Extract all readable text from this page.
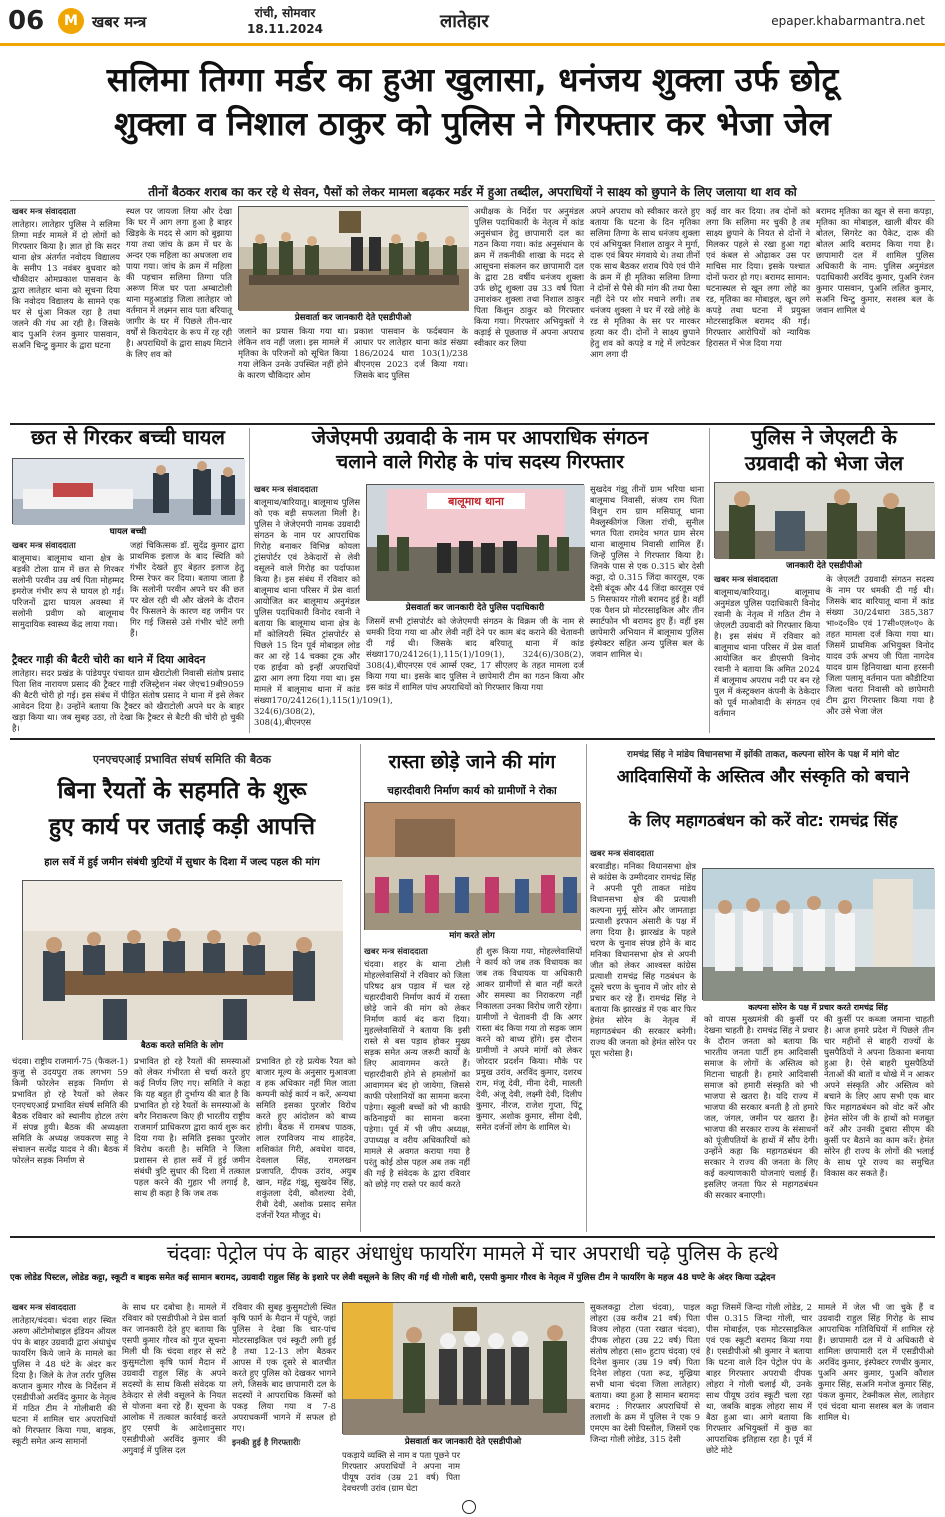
06	M खबर मन्त्र	रांची, सोमवार
18.11.2024	लातेहार	epaper.khabarmantra.net
सलिमा तिग्गा मर्डर का हुआ खुलासा, धनंजय शुक्ला उर्फ छोटू
शुक्ला व निशाल ठाकुर को पुलिस ने गिरफ्तार कर भेजा जेल
तीनों बैठकर शराब का कर रहे थे सेवन, पैसों को लेकर मामला बढ़कर मर्डर में हुआ तब्दील, अपराधियों ने साक्ष्य को छुपाने के लिए जलाया था शव को
खबर मन्त्र संवाददाता
लातेहार। लातेहार पुलिस ने सलिमा तिग्गा मर्डर मामले में दो लोगों को गिरफ्तार किया है। ज्ञात हो कि सदर थाना क्षेत्र अंतर्गत नवोदय विद्यालय के समीप 13 नवंबर बुधवार को चौकीदार ओमप्रकाश पासवान के द्वारा लातेहार थाना को सूचना दिया कि नवोदय विद्यालय के सामने एक घर से धुंआ निकल रहा है तथा जलने की गंध आ रही है। जिसके बाद पुअनि रंजन कुमार पासवान, सअनि चिन्टु कुमार के द्वारा घटना
स्थल पर जायजा लिया और देखा कि घर में आग लगा हुआ है बाहर खिड़के के मदद से आग को बुझाया गया तथा जांच के क्रम में घर के अन्दर एक महिला का अधजला शव पाया गया। जांच के क्रम में महिला की पहचान सलिमा तिग्गा पति अरूण मिंज घर पता अम्बाटोली थाना महुआडांड़ जिला लातेहार जो वर्तमान में लक्ष्मन साव पता बरियातू जागीर के घर में पिछले तीन-चार वर्षों से किरायेदार के रूप में रह रही है। अपराधियों के द्वारा साक्ष्य मिटाने के लिए शव को
प्रेसवार्ता कर जानकारी देते एसडीपीओ
जलाने का प्रयास किया गया था। लेकिन शव नहीं जला। इस मामले में मृतिका के परिजनों को सूचित किया गया लेकिन उनके उपस्थित नहीं होने के कारण चौकिदार ओम
प्रकाश पासवान के फर्दबयान के आधार पर लातेहार थाना कांड संख्या 186/2024 धारा 103(1)/238 बीएनएस 2023 दर्ज किया गया। जिसके बाद पुलिस
अधीक्षक के निर्देश पर अनुमंडल पुलिस पदाधिकारी के नेतृत्व में कांड अनुसंधान हेतु छापामारी दल का गठन किया गया। कांड अनुसंधान के क्रम में तकनीकी शाखा के मदद से आसूचना संकलन कर छापामारी दल के द्वारा 28 वर्षीय धनंजय शुक्ला उर्फ छोटू शुक्ला उम्र 33 वर्ष पिता उमाशंकर शुक्ला तथा निशाल ठाकुर पिता किशुन ठाकुर को गिरफ्तार किया गया। गिरफ्तार अभियुक्तों ने कड़ाई से पूछताछ में अपना अपराध स्वीकार कर लिया
अपने अपराध को स्वीकार करते हुए बताया कि घटना के दिन मृतिका सलिमा तिग्गा के साथ धनंजय शुक्ला एवं अभियुक्त निशाल ठाकुर ने मुर्गा, दारू एवं बियर मंगवाये थे। तथा तीनों एक साथ बैठकर शराब पिये एवं पीने के क्रम में ही मृतिका सलिमा तिग्गा ने दोनों से पैसे की मांग की तथा पैसा नहीं देने पर शोर मचाने लगी। तब धनंजय शुक्ला ने घर में रखे लोहे के रड से मृतिका के सर पर मारकर हत्या कर दी। दोनों ने साक्ष्य छुपाने हेतु शव को कपड़े व गद्दे में लपेटकर आग लगा दी
कई वार कर दिया। तब दोनों को लगा कि सलिमा मर चुकी है तब साक्ष्य छुपाने के नियत से दोनों ने मिलकर पहले से रखा हुआ गद्दा एवं कंबल से ओढ़ाकर उस पर माचिस मार दिया। इसके पश्चात दोनों फरार हो गए। बरामद सामान: घटनास्थल से खून लगा लोहे का रड, मृतिका का मोबाइल, खून लगे कपड़े तथा घटना में प्रयुक्त मोटरसाइकिल बरामद की गई। गिरफ्तार आरोपियों को न्यायिक हिरासत में भेज दिया गया
बरामद मृतिका का खून से सना कपड़ा, मृतिका का मोबाइल, खाली बीयर की बोतल, सिगरेट का पैकेट, दारू की बोतल आदि बरामद किया गया है। छापामारी दल में शामिल पुलिस अधिकारी के नाम: पुलिस अनुमंडल पदाधिकारी अरविंद कुमार, पुअनि रंजन कुमार पासवान, पुअनि ललित कुमार, सअनि चिन्टु कुमार, सशस्त्र बल के जवान शामिल थे
छत से गिरकर बच्ची घायल
घायल बच्ची
खबर मन्त्र संवाददाता
बालूमाथ। बालूमाथ थाना क्षेत्र के बड़की टोला ग्राम में छत से गिरकर सलोनी परवीन उम्र वर्ष पिता मोहम्मद इमरोज गंभीर रूप से घायल हो गई। परिजनों द्वारा घायल अवस्था में सलोनी प्रवीण को बालूमाथ सामुदायिक स्वास्थ्य केंद्र लाया गया।
जहां चिकित्सक डॉ. सुदेंद्र कुमार द्वारा प्राथमिक इलाज के बाद स्थिति को गंभीर देखते हुए बेहतर इलाज हेतु रिम्स रेफर कर दिया। बताया जाता है कि सलोनी परवीन अपने घर की छत पर खेल रही थी और खेलने के दौरान पैर फिसलने के कारण वह जमीन पर गिर गई जिससे उसे गंभीर चोटें लगी हैं।
ट्रैक्टर गाड़ी की बैटरी चोरी का थाने में दिया आवेदन
लातेहार। सदर प्रखंड के पांडेयपुर पंचायत ग्राम खैराटोली निवासी संतोष प्रसाद पिता शिव नारायण प्रसाद की ट्रैक्टर गाड़ी रजिस्ट्रेशन नंबर जेएच19बी9059 की बैटरी चोरी हो गई। इस संबंध में पीड़ित संतोष प्रसाद ने थाना में इसे लेकर आवेदन दिया है। उन्होंने बताया कि ट्रैक्टर को खैराटोली अपने घर के बाहर खड़ा किया था। जब सुबह उठा, तो देखा कि ट्रैक्टर से बैटरी की चोरी हो चुकी है।
जेजेएमपी उग्रवादी के नाम पर आपराधिक संगठन
चलाने वाले गिरोह के पांच सदस्य गिरफ्तार
खबर मन्त्र संवाददाता
बालूमाथ/बारियातू। बालूमाथ पुलिस को एक बड़ी सफलता मिली है। पुलिस ने जेजेएमपी नामक उग्रवादी संगठन के नाम पर आपराधिक गिरोह बनाकर विभिन्न कोयला ट्रांसपोर्टर एवं ठेकेदारों से लेवी वसूलने वाले गिरोह का पर्दाफाश किया है। इस संबंध में रविवार को बालूमाथ थाना परिसर में प्रेस वार्ता आयोजित कर बालूमाथ अनुमंडल पुलिस पदाधिकारी विनोद रवानी ने बताया कि बालूमाथ थाना क्षेत्र के माँ कोलियरी स्थित ट्रांसपोर्टर से पिछले 15 दिन पूर्व मोबाइल लोड कर आ रहे 14 चक्का ट्रक और एक हाईवा को इन्हीं अपराधियों द्वारा आग लगा दिया गया था। इस मामले में बालूमाथ थाना में कांड संख्या170/24126(1),115(1)/109(1), 324(6)/308(2), 308(4),बीएनएस
बालूमाथ थाना
प्रेसवार्ता कर जानकारी देते पुलिस पदाधिकारी
जिसमें सभी ट्रांसपोर्टर को जेजेएमपी संगठन के विक्रम जी के नाम से धमकी दिया गया था और लेवी नहीं देने पर काम बंद कराने की चेतावनी दी गई थी। जिसके बाद बरियातू थाना में कांड संख्या170/24126(1),115(1)/109(1), 324(6)/308(2), 308(4),बीएनएस एवं आर्म्स एक्ट, 17 सीएलए के तहत मामला दर्ज किया गया था। इसके बाद पुलिस ने छापेमारी टीम का गठन किया और इस कांड में शामिल पांच अपराधियों को गिरफ्तार किया गया
सुखदेव गंझू तीनों ग्राम भरिया थाना बालूमाथ निवासी, संजय राम पिता विशुन राम ग्राम मसियातू थाना मैक्लुस्कीगंज जिला रांची, सुनील भगत पिता रामदेव भगत ग्राम सेरम थाना बालूमाथ निवासी शामिल हैं। जिन्हें पुलिस ने गिरफ्तार किया है। जिनके पास से एक 0.315 बोर देसी कट्टा, दो 0.315 जिंदा कारतूस, एक देसी बंदूक और 44 जिंदा कारतूस एवं 5 मिसफायर गोली बरामद हुई है। वहीं एक पैशन प्रो मोटरसाइकिल और तीन स्मार्टफोन भी बरामद हुए हैं। वहीं इस छापेमारी अभियान में बालूमाथ पुलिस इंस्पेक्टर सहित अन्य पुलिस बल के जवान शामिल थे।
पुलिस ने जेएलटी के
उग्रवादी को भेजा जेल
जानकारी देते एसडीपीओ
खबर मन्त्र संवाददाता
बालूमाथ/बारियातू। बालूमाथ अनुमंडल पुलिस पदाधिकारी विनोद रवानी के नेतृत्व में गठित टीम ने जेएलटी उग्रवादी को गिरफ्तार किया है। इस संबंध में रविवार को बालूमाथ थाना परिसर में प्रेस वार्ता आयोजित कर डीएसपी विनोद रवानी ने बताया कि अमित 2024 में बालूमाथ अपराध नदी पर बन रहे पुल में कंस्ट्रक्शन कंपनी के ठेकेदार को पूर्व माओवादी के संगठन एवं वर्तमान
के जेएलटी उग्रवादी संगठन सदस्य के नाम पर धमकी दी गई थी। जिसके बाद बारियातू थाना में कांड संख्या 30/24धारा 385,387 भा०द०वि० एवं 17सी०एल०ए० के तहत मामला दर्ज किया गया था। जिसमें प्राथमिक अभियुक्त विनोद यादव उर्फ अभय जी पिता नागदेव यादव ग्राम हिनियाखा थाना हरसनी जिला पलामू वर्तमान पता कौडीटिया जिला चतरा निवासी को छापेमारी टीम द्वारा गिरफ्तार किया गया है और उसे भेजा जेल
एनएचएआई प्रभावित संघर्ष समिति की बैठक
बिना रैयतों के सहमति के शुरू
हुए कार्य पर जताई कड़ी आपत्ति
हाल सर्वे में हुई जमीन संबंधी त्रुटियों में सुधार के दिशा में जल्द पहल की मांग
बैठक करते समिति के लोग
चंदवा। राष्ट्रीय राजमार्ग-75 (फैकल-1) कुजु से उदयपुरा तक लगभग 59 किमी फोरलेन सड़क निर्माण से प्रभावित हो रहे रैयतों को लेकर एनएचएआई प्रभावित संघर्ष समिति की बैठक रविवार को स्थानीय होटल तरंग में संपन्न हुयी। बैठक की अध्यक्षता समिति के अध्यक्ष जयकरण साहू ने संचालन सत्येंद्र यादव ने की। बैठक में फोरलेन सड़क निर्माण से
प्रभावित हो रहे रैयतों की समस्याओं को लेकर गंभीरता से चर्चा करते हुए कई निर्णय लिए गए। समिति ने कहा कि यह बहुत ही दुर्भाग्य की बात है कि प्रभावित हो रहे रैयतों के समस्याओं के बगैर निराकरण किए ही भारतीय राष्ट्रीय राजमार्ग प्राधिकरण द्वारा कार्य शुरू कर दिया गया है। समिति इसका पुरजोर विरोध करती है। समिति ने जिला प्रशासन से हाल सर्वे में हुई जमीन संबंधी त्रुटि सुधार की दिशा में तत्काल पहल करने की गुहार भी लगाई है, साथ ही कहा है कि जब तक
प्रभावित हो रहे प्रत्येक रैयत को बाजार मूल्य के अनुसार मुआवजा व हक अधिकार नहीं मिल जाता कम्पनी कोई कार्य न करें, अन्यथा समिति इसका पुरजोर विरोध करते हुए आंदोलन को बाध्य होगी। बैठक में रामबध पाठक, लाल रणविजय नाथ शाहदेव, शशिकांत गिरी, अवधेश यादव, देवलाल सिंह, रामलखन प्रजापति, दीपक उरांव, अयुब खान, महेंद्र गंझू, सुखदेव सिंह, शकुंतला देवी, कौशल्या देवी, रीबी देवी, अशोक प्रसाद समेत दर्जनों रैयत मौजूद थे।
रास्ता छोड़े जाने की मांग
चहारदीवारी निर्माण कार्य को ग्रामीणों ने रोका
मांग करते लोग
खबर मन्त्र संवाददाता
चंदवा। शहर के थाना टोली मोहल्लेवासियों ने रविवार को जिला परिषद क्षत्र पड़ाव में चल रहे चहारदीवारी निर्माण कार्य में रास्ता छोड़े जाने की मांग को लेकर निर्माण कार्य बंद करा दिया। मुहल्लेवासियों ने बताया कि इसी रास्ते से बस पड़ाव होकर मुख्य सड़क समेत अन्य जरूरी कार्यों के लिए आवागमन करते हैं। चहारदीवारी होने से हमलोगों का आवागमन बंद हो जायेगा, जिससे काफी परेशानियों का सामना करना पड़ेगा। स्कूली बच्चों को भी काफी कठिनाइयों का सामना करना पड़ेगा। पूर्व में भी जीप अध्यक्ष, उपाध्यक्ष व वरीय अधिकारियों को मामले से अवगत कराया गया है परंतु कोई ठोस पहल अब तक नहीं की गई है संवेदक के द्वारा रविवार को छोड़े गए रास्ते पर कार्य करते
ही शुरू किया गया, मोहल्लेवासियों ने कार्य को जब तक विधायक का जब तक विधायक या अधिकारी आकर ग्रामीणों से बात नहीं करते और समस्या का निराकरण नहीं निकालता उनका विरोध जारी रहेगा। ग्रामीणों ने चेतावनी दी कि अगर रास्ता बंद किया गया तो सड़क जाम करने को बाध्य होंगे। इस दौरान ग्रामीणों ने अपने मांगों को लेकर जोरदार प्रदर्शन किया। मौके पर प्रमुख उरांव, अरविंद कुमार, दशरथ राम, मंजू देवी, मीना देवी, मालती देवी, अंजू देवी, लक्ष्मी देवी, दिलीप कुमार, नीरज, राजेश गुप्ता, पिंटू कुमार, अशोक कुमार, सीमा देवी, समेत दर्जनों लोग के शामिल थे।
रामचंद्र सिंह ने मांडेय विधानसभा में झोंकी ताकत, कल्पना सोरेन के पक्ष में मांगे वोट
आदिवासियों के अस्तित्व और संस्कृति को बचाने
के लिए महागठबंधन को करें वोट: रामचंद्र सिंह
खबर मन्त्र संवाददाता
बरवाडीह। मनिका विधानसभा क्षेत्र से कांग्रेस के उम्मीदवार रामचंद्र सिंह ने अपनी पूरी ताकत मांडेय विधानसभा क्षेत्र की प्रत्याशी कल्पना मुर्मू सोरेन और जामताड़ा प्रत्याशी इरफान अंसारी के पक्ष में लगा दिया है। झारखंड के पहले चरण के चुनाव संपन्न होने के बाद मनिका विधानसभा क्षेत्र से अपनी जीत को लेकर आश्वस्त कांग्रेस प्रत्याशी रामचंद्र सिंह गठबंधन के दूसरे चरण के चुनाव में जोर शोर से प्रचार कर रहे हैं। रामचंद्र सिंह ने बताया कि झारखंड में एक बार फिर हेमंत सोरेन के नेतृत्व में महागठबंधन की सरकार बनेगी। राज्य की जनता को हेमंत सोरेन पर पूरा भरोसा है।
कल्पना सोरेन के पक्ष में प्रचार करते रामचंद्र सिंह
को वापस मुख्यमंत्री की कुर्सी पर देखना चाहती है। रामचंद्र सिंह ने प्रचार के दौरान जनता को बताया कि भारतीय जनता पार्टी हम आदिवासी समाज के लोगों के अस्तित्व को मिटाना चाहती है। हमारे आदिवासी समाज को हमारी संस्कृति को भी भाजपा से खतरा है। यदि राज्य में भाजपा की सरकार बनती है तो हमारे जल, जंगल, जमीन पर खतरा है। भाजपा की सरकार राज्य के संसाधनों को पूंजीपतियों के हाथों में सौंप देगी। उन्होंने कहा कि महागठबंधन की सरकार ने राज्य की जनता के लिए कई कल्याणकारी योजनाएं चलाई हैं। इसलिए जनता फिर से महागठबंधन की सरकार बनाएगी।
की कुर्सी पर कब्जा जमाना चाहती है। आज हमारे प्रदेश में पिछले तीन चार महीनों से बाहरी राज्यों के घुसपैठियों ने अपना ठिकाना बनाया हुआ है। ऐसे बाहरी घुसपैठियों नेताओं की बातों व धोखे में न आकर अपने संस्कृति और अस्तित्व को बचाने के लिए आप सभी एक बार फिर महागठबंधन को वोट करें और हेमंत सोरेन जी के हाथों को मजबूत करें और उनकी दुबारा सीएम की कुर्सी पर बैठाने का काम करें। हेमंत सोरेन ही राज्य के लोगों की भलाई के साथ पूरे राज्य का समुचित विकास कर सकते हैं।
चंदवाः पेट्रोल पंप के बाहर अंधाधुंध फायरिंग मामले में चार अपराधी चढ़े पुलिस के हत्थे
एक लोडेड पिस्टल, लोडेड कट्टा, स्कूटी व बाइक समेत कई सामान बरामद, उग्रवादी राहुल सिंह के इशारे पर लेवी वसूलने के लिए की गई थी गोली बारी, एसपी कुमार गौरव के नेतृत्व में पुलिस टीम ने फायरिंग के महज 48 घण्टे के अंदर किया उद्भेदन
खबर मन्त्र संवाददाता
लातेहार/चंदवा। चंदवा शहर स्थित अरुण ऑटोमोबाइल इंडियन ऑयल पंप के बाहर उग्रवादी द्वारा अंधाधुंध फायरिंग किये जाने के मामले का पुलिस ने 48 घंटे के अंदर कर दिया है। जिले के तेज तर्रार पुलिस कप्तान कुमार गौरव के निर्देशन में एसडीपीओ अरविंद कुमार के नेतृत्व में गठित टीम ने गोलीबारी की घटना में शामिल चार अपराधियों को गिरफ्तार किया गया, बाइक, स्कूटी समेत अन्य सामानों
के साथ धर दबोचा है। मामले में रविवार को एसडीपीओ ने प्रेस वार्ता कर जानकारी देते हुए बताया कि एसपी कुमार गौरव को गुप्त सूचना मिली थी कि चंदवा शहर से सटे कुसुमटोला कृषि फार्म मैदान में उग्रवादी राहुल सिंह के अपने सदस्यों के साथ किसी संवेदक या ठेकेदार से लेवी वसूलने के नियत से योजना बना रहे हैं। सूचना के आलोक में तत्काल कार्रवाई करते हुए एसपी के आदेशानुसार एसडीपीओ अरविंद कुमार की अगुवाई में पुलिस दल
रविवार की सुबह कुसुमटोली स्थित कृषि फार्म के मैदान में पहुंचे, जहां पुलिस ने देखा कि चार-पांच मोटरसाइकिल एवं स्कूटी लगी हुई है तथा 12-13 लोग बैठकर आपस में एक दूसरे से बातचीत करते हुए पुलिस को देखकर भागने लगे, जिसके बाद छापामारी दल के सदस्यों ने आपराधिक किस्मों को पकड़ लिया गया व 7-8 अपराधकर्मी भागने में सफल हो गए।
इनकी हुई है गिरफ्तारीः	प्रेसवार्ता कर जानकारी देते एसडीपीओ
पकड़ाये व्यक्ति से नाम व पता पूछने पर गिरफ्तार अपराधियों ने अपना नाम पीयूष उरांव (उम्र 21 वर्ष) पिता देवचरणी उरांव (ग्राम घेटा
सुकलकट्ठा टोला चंदवा), पाइल लोहरा (उम्र करीब 21 वर्ष) पिता विजय लोहरा (पता रखात चंदवा), दीपक लोहरा (उम्र 22 वर्ष) पिता संतोष लोहरा (सा० हुटाप चंदवा) एवं दिनेश कुमार (उम्र 19 वर्ष) पिता दिनेश लोहरा (पता रूढ, मुख्रिया सभी थाना चंदवा जिला लातेहार) बताया। क्या हुआ है सामान बरामदः बरामद : गिरफ्तार अपराधियों से तलाशी के क्रम में पुलिस ने एक 9 एमएम का देसी पिस्तौल, जिसमें एक जिन्दा गोली लोडेड, 315 देसी
कट्टा जिसमें जिन्दा गोली लोडेड, 2 पीस 0.315 जिन्दा गोली, चार पीस मोबाईल, एक मोटरसाइकिल एवं एक स्कूटी बरामद किया गया है। एसडीपीओ श्री कुमार ने बताया कि घटना वाले दिन पेट्रोल पंप के बाहर गिरफ्तार अपराधी दीपक लोहरा ने गोली चलाई थी, उनके साथ पीयूष उरांव स्कूटी चला रहा था, जबकि बाइक लोहरा साथ में बैठा हुआ था। आगे बताया कि गिरफ्तार अभियुक्तों में कुछ का आपराधिक इतिहास रहा है। पूर्व में छोटे मोटे
मामले में जेल भी जा चुके हैं व उग्रवादी राहुल सिंह गिरोह के साथ आपराधिक गतिविधियों में शामिल रहे हैं। छापामारी दल में ये अधिकारी थे शामिलः छापामारी दल में एसडीपीओ अरविंद कुमार, इंस्पेक्टर रणधीर कुमार, पुअनि अमर कुमार, पुअनि कौशल कुमार सिंह, सअनि मनोज कुमार सिंह, पंकज कुमार, टेक्नीकल सेल, लातेहार एवं चंदवा थाना सशस्त्र बल के जवान शामिल थे।
